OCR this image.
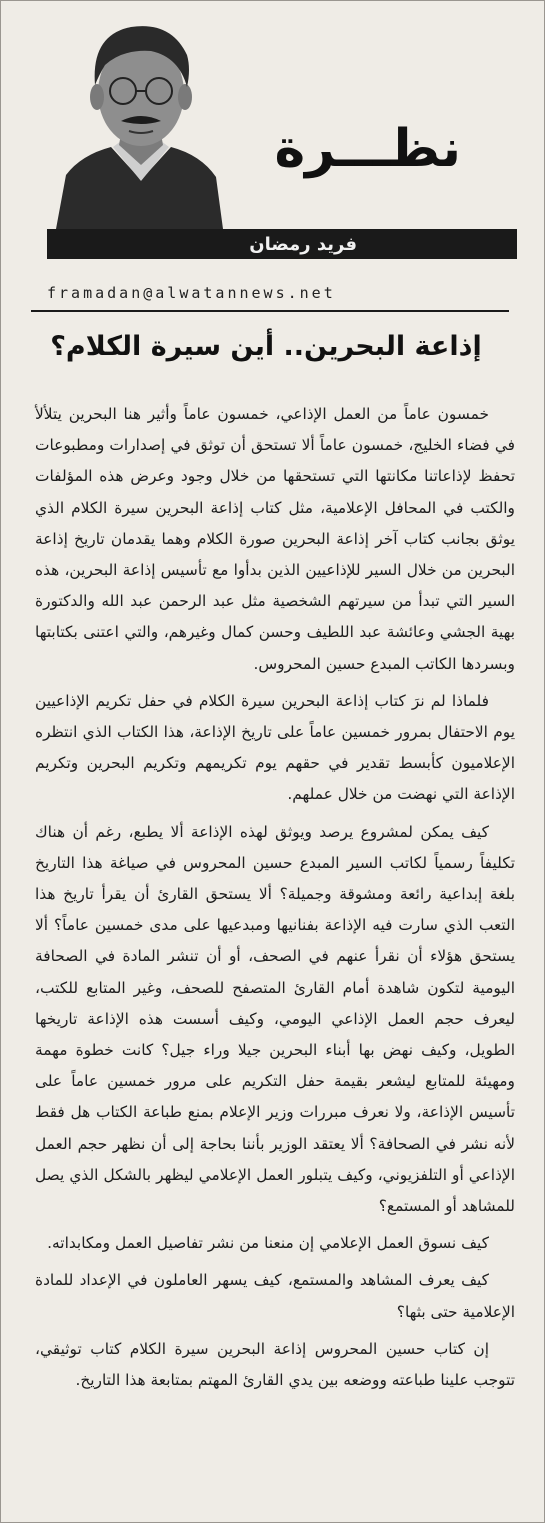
نظـــرة
فريد رمضان
framadan@alwatannews.net
إذاعة البحرين.. أين سيرة الكلام؟

خمسون عاماً من العمل الإذاعي، خمسون عاماً وأثير هنا البحرين يتلألأ في فضاء الخليج، خمسون عاماً ألا تستحق أن توثق في إصدارات ومطبوعات تحفظ لإذاعاتنا مكانتها التي تستحقها من خلال وجود وعرض هذه المؤلفات والكتب في المحافل الإعلامية، مثل كتاب إذاعة البحرين سيرة الكلام الذي يوثق بجانب كتاب آخر إذاعة البحرين صورة الكلام وهما يقدمان تاريخ إذاعة البحرين من خلال السير للإذاعيين الذين بدأوا مع تأسيس إذاعة البحرين، هذه السير التي تبدأ من سيرتهم الشخصية مثل عبد الرحمن عبد الله والدكتورة بهية الجشي وعائشة عبد اللطيف وحسن كمال وغيرهم، والتي اعتنى بكتابتها وبسردها الكاتب المبدع حسين المحروس.

فلماذا لم نرَ كتاب إذاعة البحرين سيرة الكلام في حفل تكريم الإذاعيين يوم الاحتفال بمرور خمسين عاماً على تاريخ الإذاعة، هذا الكتاب الذي انتظره الإعلاميون كأبسط تقدير في حقهم يوم تكريمهم وتكريم البحرين وتكريم الإذاعة التي نهضت من خلال عملهم.

كيف يمكن لمشروع يرصد ويوثق لهذه الإذاعة ألا يطبع، رغم أن هناك تكليفاً رسمياً لكاتب السير المبدع حسين المحروس في صياغة هذا التاريخ بلغة إبداعية رائعة ومشوقة وجميلة؟ ألا يستحق القارئ أن يقرأ تاريخ هذا التعب الذي سارت فيه الإذاعة بفنانيها ومبدعيها على مدى خمسين عاماً؟ ألا يستحق هؤلاء أن نقرأ عنهم في الصحف، أو أن تنشر المادة في الصحافة اليومية لتكون شاهدة أمام القارئ المتصفح للصحف، وغير المتابع للكتب، ليعرف حجم العمل الإذاعي اليومي، وكيف أسست هذه الإذاعة تاريخها الطويل، وكيف نهض بها أبناء البحرين جيلا وراء جيل؟ كانت خطوة مهمة ومهيئة للمتابع ليشعر بقيمة حفل التكريم على مرور خمسين عاماً على تأسيس الإذاعة، ولا نعرف مبررات وزير الإعلام بمنع طباعة الكتاب هل فقط لأنه نشر في الصحافة؟ ألا يعتقد الوزير بأننا بحاجة إلى أن نظهر حجم العمل الإذاعي أو التلفزيوني، وكيف يتبلور العمل الإعلامي ليظهر بالشكل الذي يصل للمشاهد أو المستمع؟

كيف نسوق العمل الإعلامي إن منعنا من نشر تفاصيل العمل ومكابداته.

كيف يعرف المشاهد والمستمع، كيف يسهر العاملون في الإعداد للمادة الإعلامية حتى بثها؟

إن كتاب حسين المحروس إذاعة البحرين سيرة الكلام كتاب توثيقي، تتوجب علينا طباعته ووضعه بين يدي القارئ المهتم بمتابعة هذا التاريخ.
